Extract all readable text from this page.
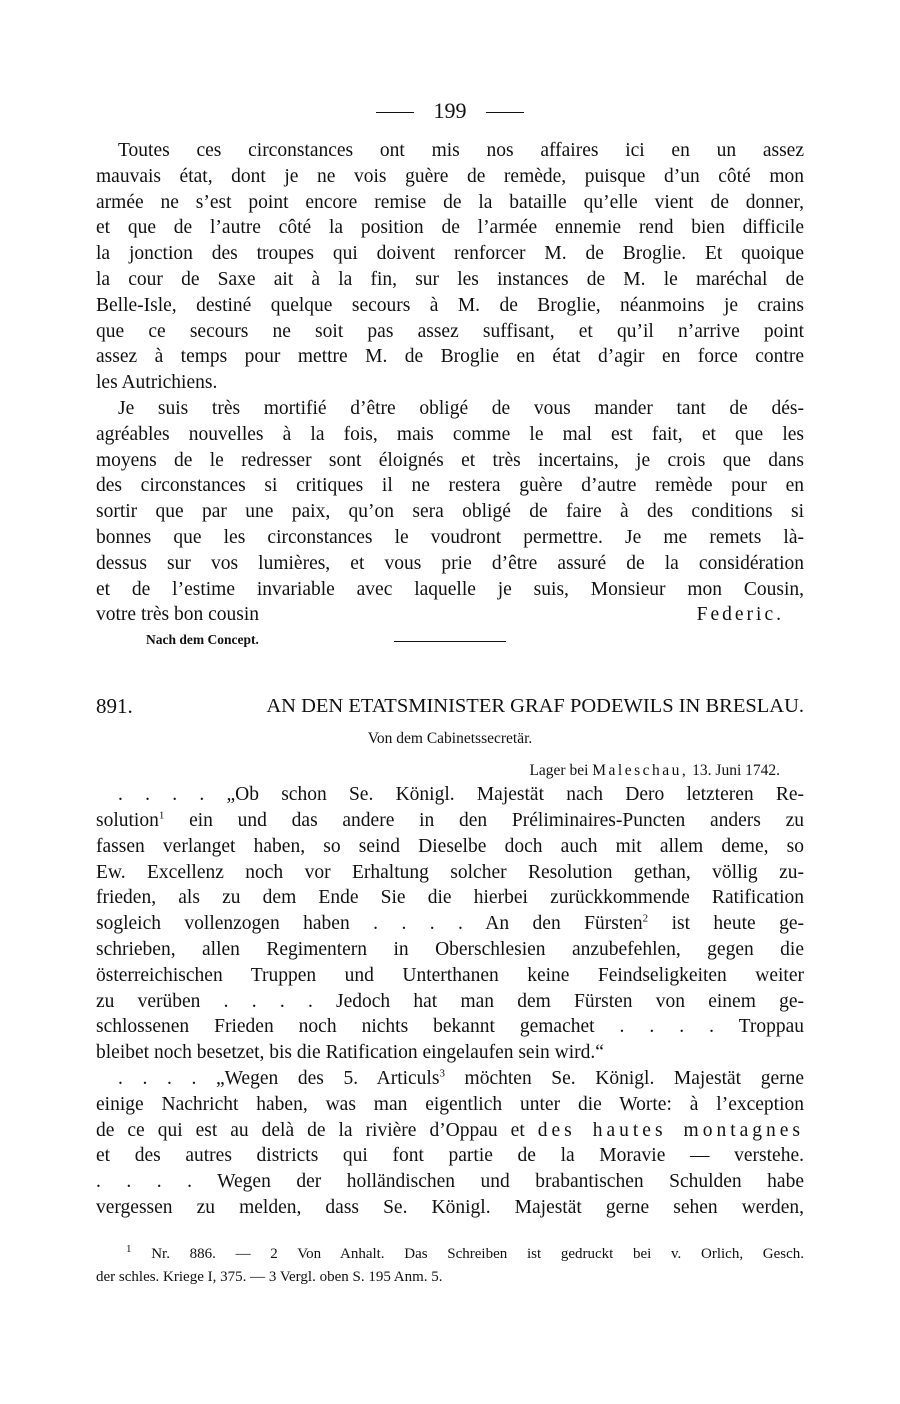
199
Toutes ces circonstances ont mis nos affaires ici en un assez
mauvais état, dont je ne vois guère de remède, puisque d’un côté mon
armée ne s’est point encore remise de la bataille qu’elle vient de donner,
et que de l’autre côté la position de l’armée ennemie rend bien difficile
la jonction des troupes qui doivent renforcer M. de Broglie. Et quoique
la cour de Saxe ait à la fin, sur les instances de M. le maréchal de
Belle-Isle, destiné quelque secours à M. de Broglie, néanmoins je crains
que ce secours ne soit pas assez suffisant, et qu’il n’arrive point
assez à temps pour mettre M. de Broglie en état d’agir en force contre
les Autrichiens.
Je suis très mortifié d’être obligé de vous mander tant de dés-
agréables nouvelles à la fois, mais comme le mal est fait, et que les
moyens de le redresser sont éloignés et très incertains, je crois que dans
des circonstances si critiques il ne restera guère d’autre remède pour en
sortir que par une paix, qu’on sera obligé de faire à des conditions si
bonnes que les circonstances le voudront permettre. Je me remets là-
dessus sur vos lumières, et vous prie d’être assuré de la considération
et de l’estime invariable avec laquelle je suis, Monsieur mon Cousin,
votre très bon cousin	Federic.
Nach dem Concept.
891.	AN DEN ETATSMINISTER GRAF PODEWILS IN BRESLAU.
Von dem Cabinetssecretär.
Lager bei Maleschau, 13. Juni 1742.
. . . . „Ob schon Se. Königl. Majestät nach Dero letzteren Re-
solution$^1$ ein und das andere in den Préliminaires-Puncten anders zu
fassen verlanget haben, so seind Dieselbe doch auch mit allem deme, so
Ew. Excellenz noch vor Erhaltung solcher Resolution gethan, völlig zu-
frieden, als zu dem Ende Sie die hierbei zurückkommende Ratification
sogleich vollenzogen haben . . . . An den Fürsten$^2$ ist heute ge-
schrieben, allen Regimentern in Oberschlesien anzubefehlen, gegen die
österreichischen Truppen und Unterthanen keine Feindseligkeiten weiter
zu verüben . . . . Jedoch hat man dem Fürsten von einem ge-
schlossenen Frieden noch nichts bekannt gemachet . . . . Troppau
bleibet noch besetzet, bis die Ratification eingelaufen sein wird.“
. . . . „Wegen des 5. Articuls$^3$ möchten Se. Königl. Majestät gerne
einige Nachricht haben, was man eigentlich unter die Worte: à l’exception
de ce qui est au delà de la rivière d’Oppau et des hautes montagnes
et des autres districts qui font partie de la Moravie — verstehe.
. . . . Wegen der holländischen und brabantischen Schulden habe
vergessen zu melden, dass Se. Königl. Majestät gerne sehen werden,
$^1$ Nr. 886. — 2 Von Anhalt. Das Schreiben ist gedruckt bei v. Orlich, Gesch.
der schles. Kriege I, 375. — 3 Vergl. oben S. 195 Anm. 5.
